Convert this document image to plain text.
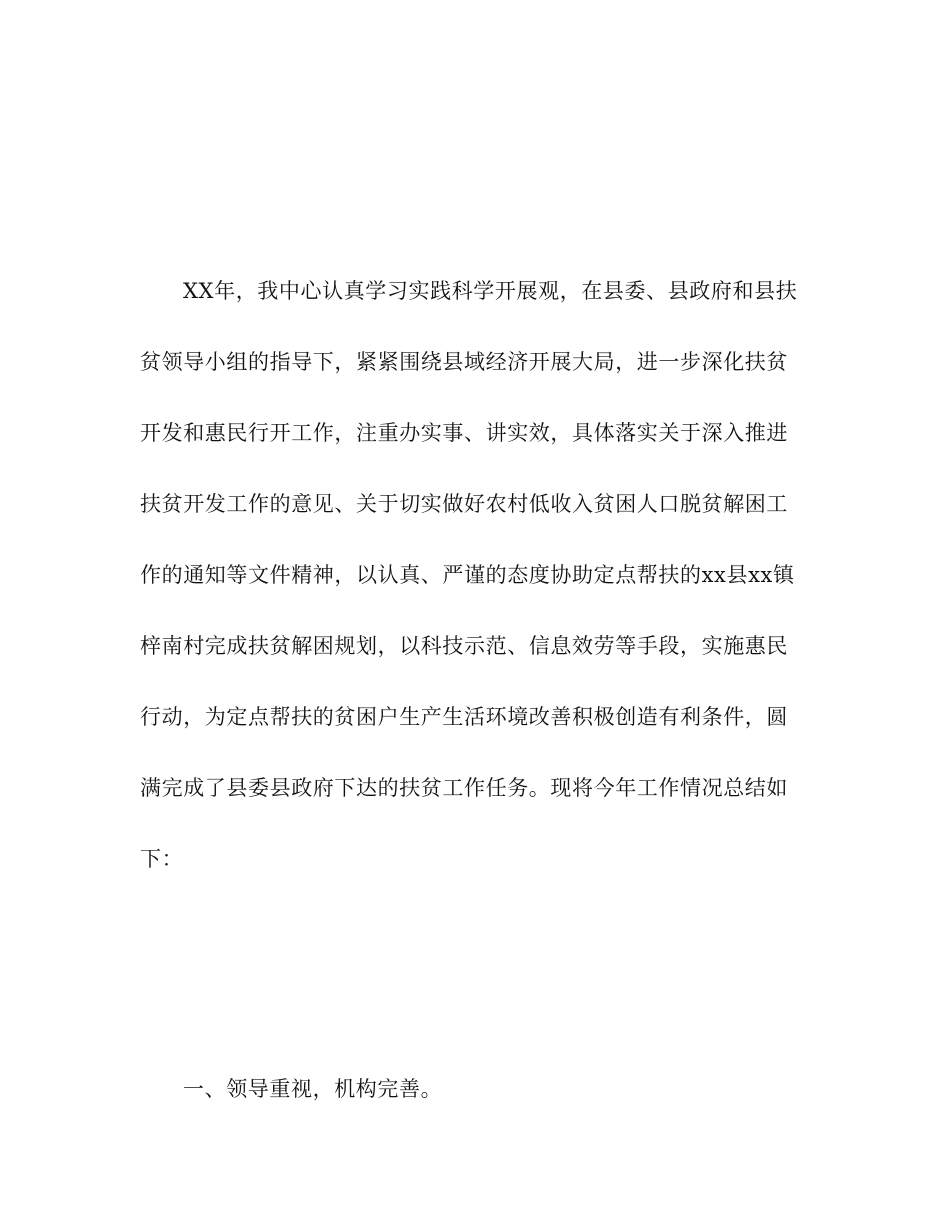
XX年，我中心认真学习实践科学开展观，在县委、县政府和县扶
贫领导小组的指导下，紧紧围绕县域经济开展大局，进一步深化扶贫
开发和惠民行开工作，注重办实事、讲实效，具体落实关于深入推进
扶贫开发工作的意见、关于切实做好农村低收入贫困人口脱贫解困工
作的通知等文件精神，以认真、严谨的态度协助定点帮扶的xx县xx镇
梓南村完成扶贫解困规划，以科技示范、信息效劳等手段，实施惠民
行动，为定点帮扶的贫困户生产生活环境改善积极创造有利条件，圆
满完成了县委县政府下达的扶贫工作任务。现将今年工作情况总结如
下：
一、领导重视，机构完善。
